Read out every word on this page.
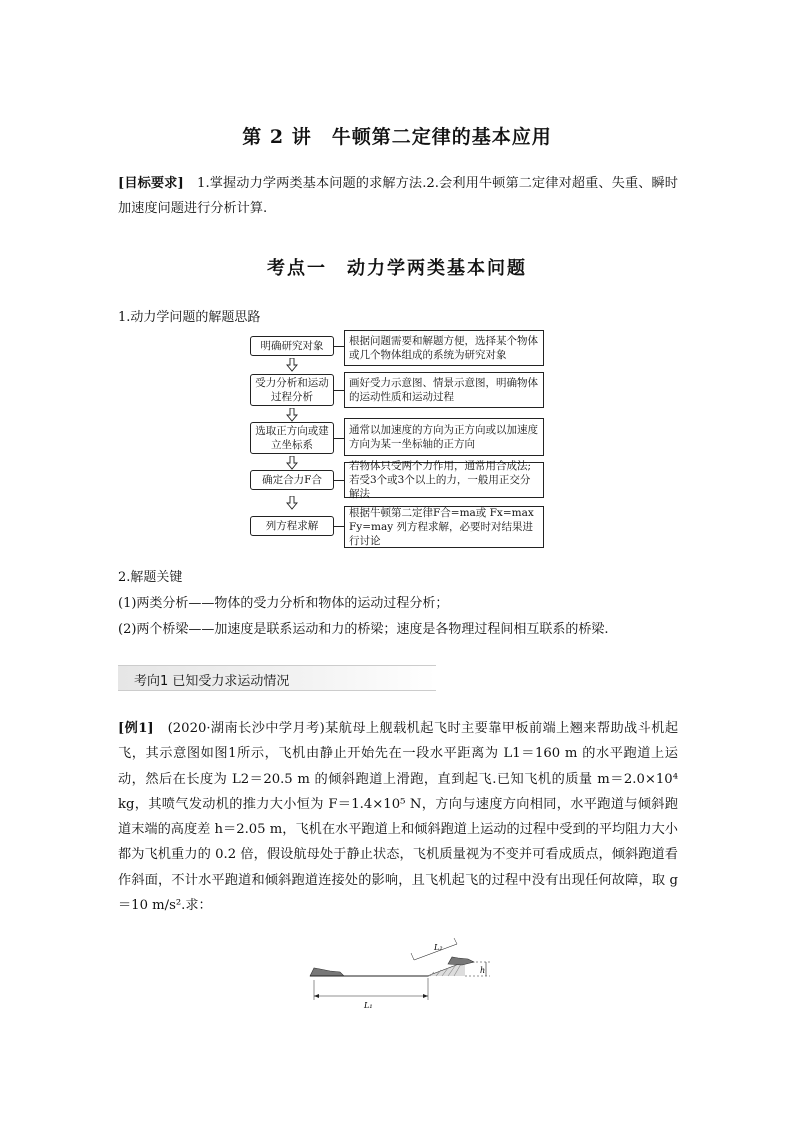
第 2 讲　牛顿第二定律的基本应用
[目标要求]　1.掌握动力学两类基本问题的求解方法.2.会利用牛顿第二定律对超重、失重、瞬时加速度问题进行分析计算.
考点一　动力学两类基本问题
1.动力学问题的解题思路
明确研究对象	根据问题需要和解题方便，选择某个物体或几个物体组成的系统为研究对象
受力分析和运动过程分析
画好受力示意图、情景示意图，明确物体的运动性质和运动过程
选取正方向或建立坐标系
通常以加速度的方向为正方向或以加速度方向为某一坐标轴的正方向
确定合力F合
若物体只受两个力作用，通常用合成法;若受3个或3个以上的力，一般用正交分解法
列方程求解
根据牛顿第二定律F合=ma或 Fx=max Fy=may 列方程求解，必要时对结果进行讨论
2.解题关键
(1)两类分析——物体的受力分析和物体的运动过程分析；
(2)两个桥梁——加速度是联系运动和力的桥梁；速度是各物理过程间相互联系的桥梁.
考向1 已知受力求运动情况
[例1]　 (2020·湖南长沙中学月考)某航母上舰载机起飞时主要靠甲板前端上翘来帮助战斗机起飞，其示意图如图1所示，飞机由静止开始先在一段水平距离为 L1＝160 m 的水平跑道上运动，然后在长度为 L2＝20.5 m 的倾斜跑道上滑跑，直到起飞.已知飞机的质量 m＝2.0×10⁴ kg，其喷气发动机的推力大小恒为 F＝1.4×10⁵ N，方向与速度方向相同，水平跑道与倾斜跑道末端的高度差 h＝2.05 m，飞机在水平跑道上和倾斜跑道上运动的过程中受到的平均阻力大小都为飞机重力的 0.2 倍，假设航母处于静止状态，飞机质量视为不变并可看成质点，倾斜跑道看作斜面，不计水平跑道和倾斜跑道连接处的影响，且飞机起飞的过程中没有出现任何故障，取 g＝10 m/s².求：
h
L₂
L₁
